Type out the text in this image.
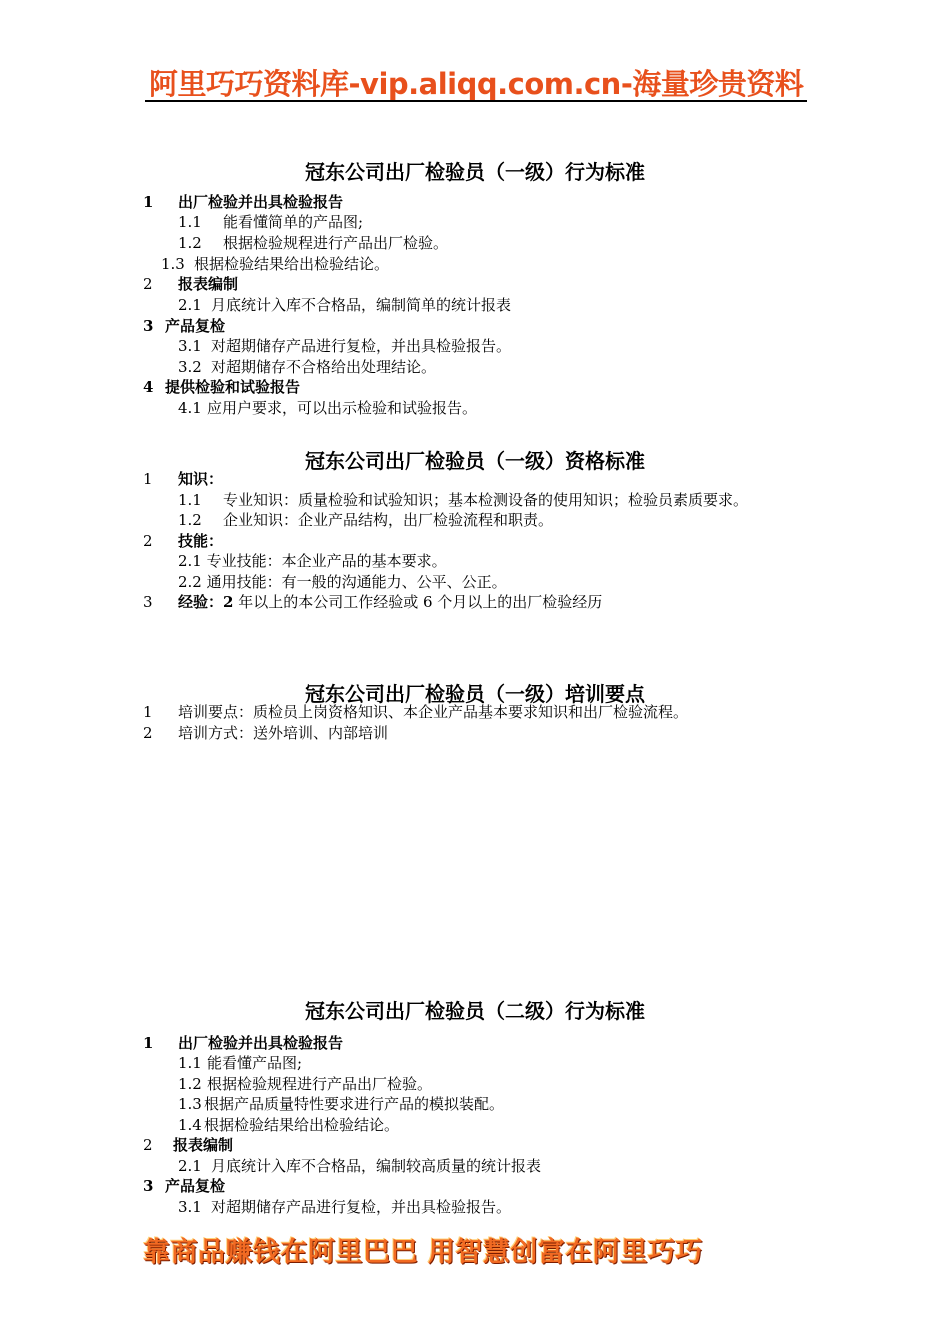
阿里巧巧资料库-vip.aliqq.com.cn-海量珍贵资料
冠东公司出厂检验员（一级）行为标准
1 出厂检验并出具检验报告
1.1 能看懂简单的产品图;
1.2 根据检验规程进行产品出厂检验。
1.3 根据检验结果给出检验结论。
2 报表编制
2.1 月底统计入库不合格品，编制简单的统计报表
3 产品复检
3.1 对超期储存产品进行复检，并出具检验报告。
3.2 对超期储存不合格给出处理结论。
4 提供检验和试验报告
4.1 应用户要求，可以出示检验和试验报告。
冠东公司出厂检验员（一级）资格标准
1 知识：
1.1 专业知识：质量检验和试验知识；基本检测设备的使用知识；检验员素质要求。
1.2 企业知识：企业产品结构，出厂检验流程和职责。
2 技能：
2.1 专业技能：本企业产品的基本要求。
2.2 通用技能：有一般的沟通能力、公平、公正。
3 经验：2 年以上的本公司工作经验或 6 个月以上的出厂检验经历
冠东公司出厂检验员（一级）培训要点
1 培训要点：质检员上岗资格知识、本企业产品基本要求知识和出厂检验流程。
2 培训方式：送外培训、内部培训
冠东公司出厂检验员（二级）行为标准
1 出厂检验并出具检验报告
1.1 能看懂产品图;
1.2 根据检验规程进行产品出厂检验。
1.3 根据产品质量特性要求进行产品的模拟装配。
1.4 根据检验结果给出检验结论。
2 报表编制
2.1 月底统计入库不合格品，编制较高质量的统计报表
3 产品复检
3.1 对超期储存产品进行复检，并出具检验报告。
靠商品赚钱在阿里巴巴 用智慧创富在阿里巧巧
